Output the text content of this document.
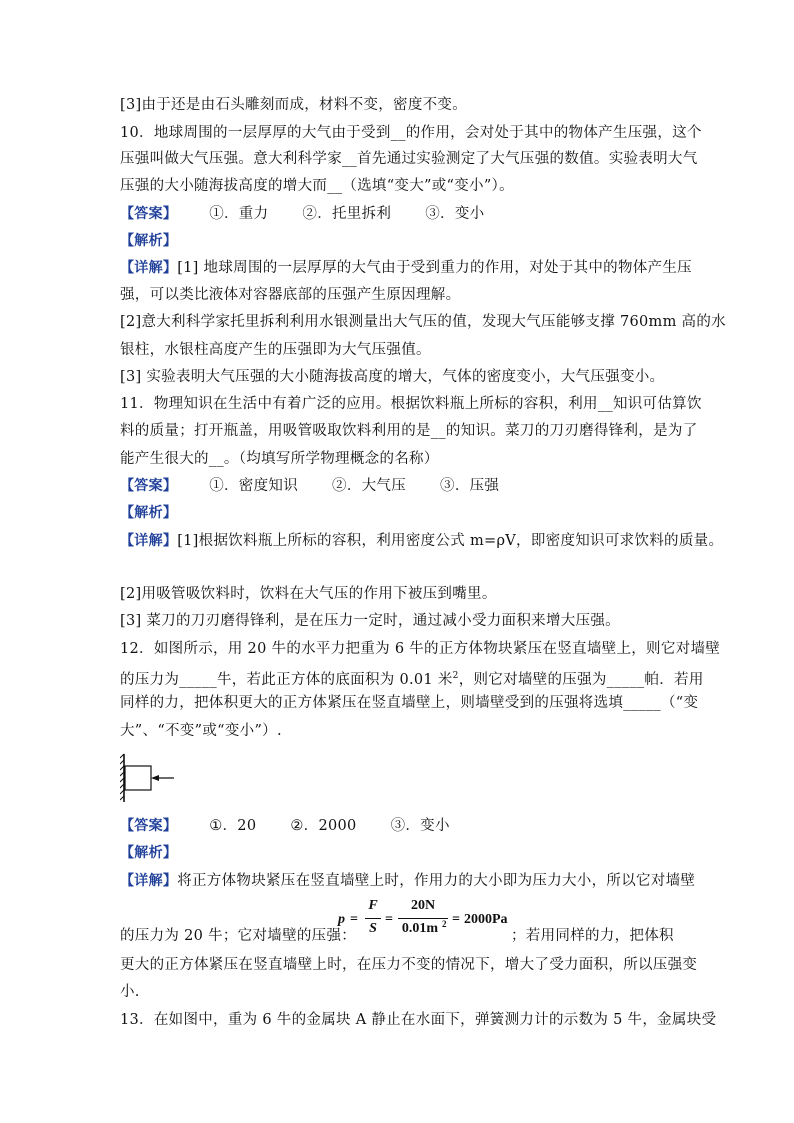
[3]由于还是由石头雕刻而成，材料不变，密度不变。
10．地球周围的一层厚厚的大气由于受到__的作用，会对处于其中的物体产生压强，这个
压强叫做大气压强。意大利科学家__首先通过实验测定了大气压强的数值。实验表明大气
压强的大小随海拔高度的增大而__（选填“变大”或“变小”）。
【答案】 ①．重力 ②．托里拆利 ③．变小
【解析】
【详解】[1] 地球周围的一层厚厚的大气由于受到重力的作用，对处于其中的物体产生压
强，可以类比液体对容器底部的压强产生原因理解。
[2]意大利科学家托里拆利利用水银测量出大气压的值，发现大气压能够支撑 760mm 高的水
银柱，水银柱高度产生的压强即为大气压强值。
[3] 实验表明大气压强的大小随海拔高度的增大，气体的密度变小，大气压强变小。
11．物理知识在生活中有着广泛的应用。根据饮料瓶上所标的容积，利用__知识可估算饮
料的质量；打开瓶盖，用吸管吸取饮料利用的是__的知识。菜刀的刀刃磨得锋利，是为了
能产生很大的__。（均填写所学物理概念的名称）
【答案】 ①．密度知识 ②．大气压 ③．压强
【解析】
【详解】[1]根据饮料瓶上所标的容积，利用密度公式 m=ρV，即密度知识可求饮料的质量。
[2]用吸管吸饮料时，饮料在大气压的作用下被压到嘴里。
[3] 菜刀的刀刃磨得锋利，是在压力一定时，通过减小受力面积来增大压强。
12．如图所示，用 20 牛的水平力把重为 6 牛的正方体物块紧压在竖直墙壁上，则它对墙壁
的压力为_____牛，若此正方体的底面积为 0.01 米$^2$，则它对墙壁的压强为_____帕．若用
同样的力，把体积更大的正方体紧压在竖直墙壁上，则墙壁受到的压强将选填_____（“变
大”、“不变”或“变小”）.
【答案】 ①．20 ②．2000 ③．变小
【解析】
【详解】将正方体物块紧压在竖直墙壁上时，作用力的大小即为压力大小，所以它对墙壁
的压力为 20 牛；它对墙壁的压强：
p =
F
S
=
20N
0.01m 2 = 2000Pa
；若用同样的力，把体积
更大的正方体紧压在竖直墙壁上时，在压力不变的情况下，增大了受力面积，所以压强变
小.
13．在如图中，重为 6 牛的金属块 A 静止在水面下，弹簧测力计的示数为 5 牛，金属块受
